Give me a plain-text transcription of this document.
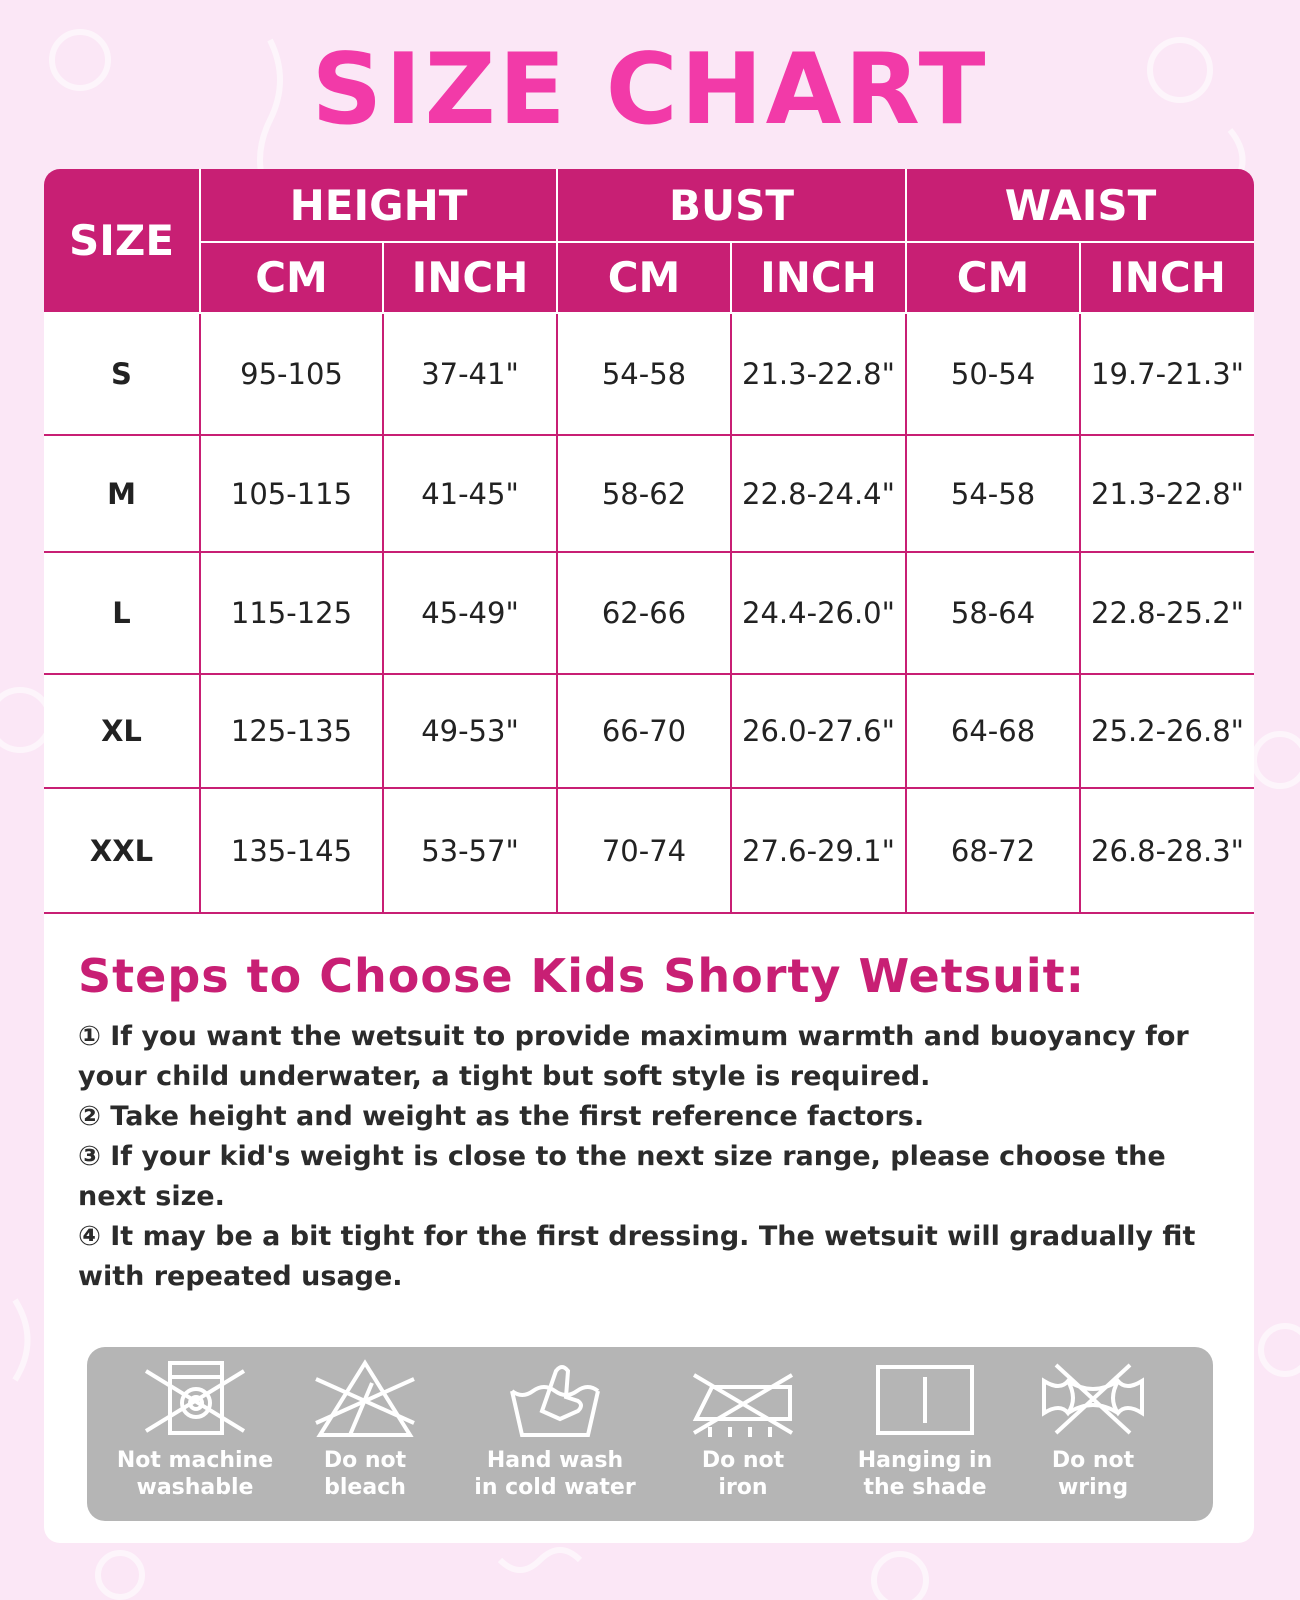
SIZE CHART
SIZE	HEIGHT		BUST		WAIST	
	CM	INCH	CM	INCH	CM	INCH
S	95-105	37-41"	54-58	21.3-22.8"	50-54	19.7-21.3"
M	105-115	41-45"	58-62	22.8-24.4"	54-58	21.3-22.8"
L	115-125	45-49"	62-66	24.4-26.0"	58-64	22.8-25.2"
XL	125-135	49-53"	66-70	26.0-27.6"	64-68	25.2-26.8"
XXL	135-145	53-57"	70-74	27.6-29.1"	68-72	26.8-28.3"
Steps to Choose Kids Shorty Wetsuit:

① If you want the wetsuit to provide maximum warmth and buoyancy for your child underwater, a tight but soft style is required.

② Take height and weight as the first reference factors.

③ If your kid's weight is close to the next size range, please choose the next size.

④ It may be a bit tight for the first dressing. The wetsuit will gradually fit with repeated usage.

Not machine
washable
Do not
bleach
Hand wash
in cold water
Do not
iron
Hanging in
the shade
Do not
wring
